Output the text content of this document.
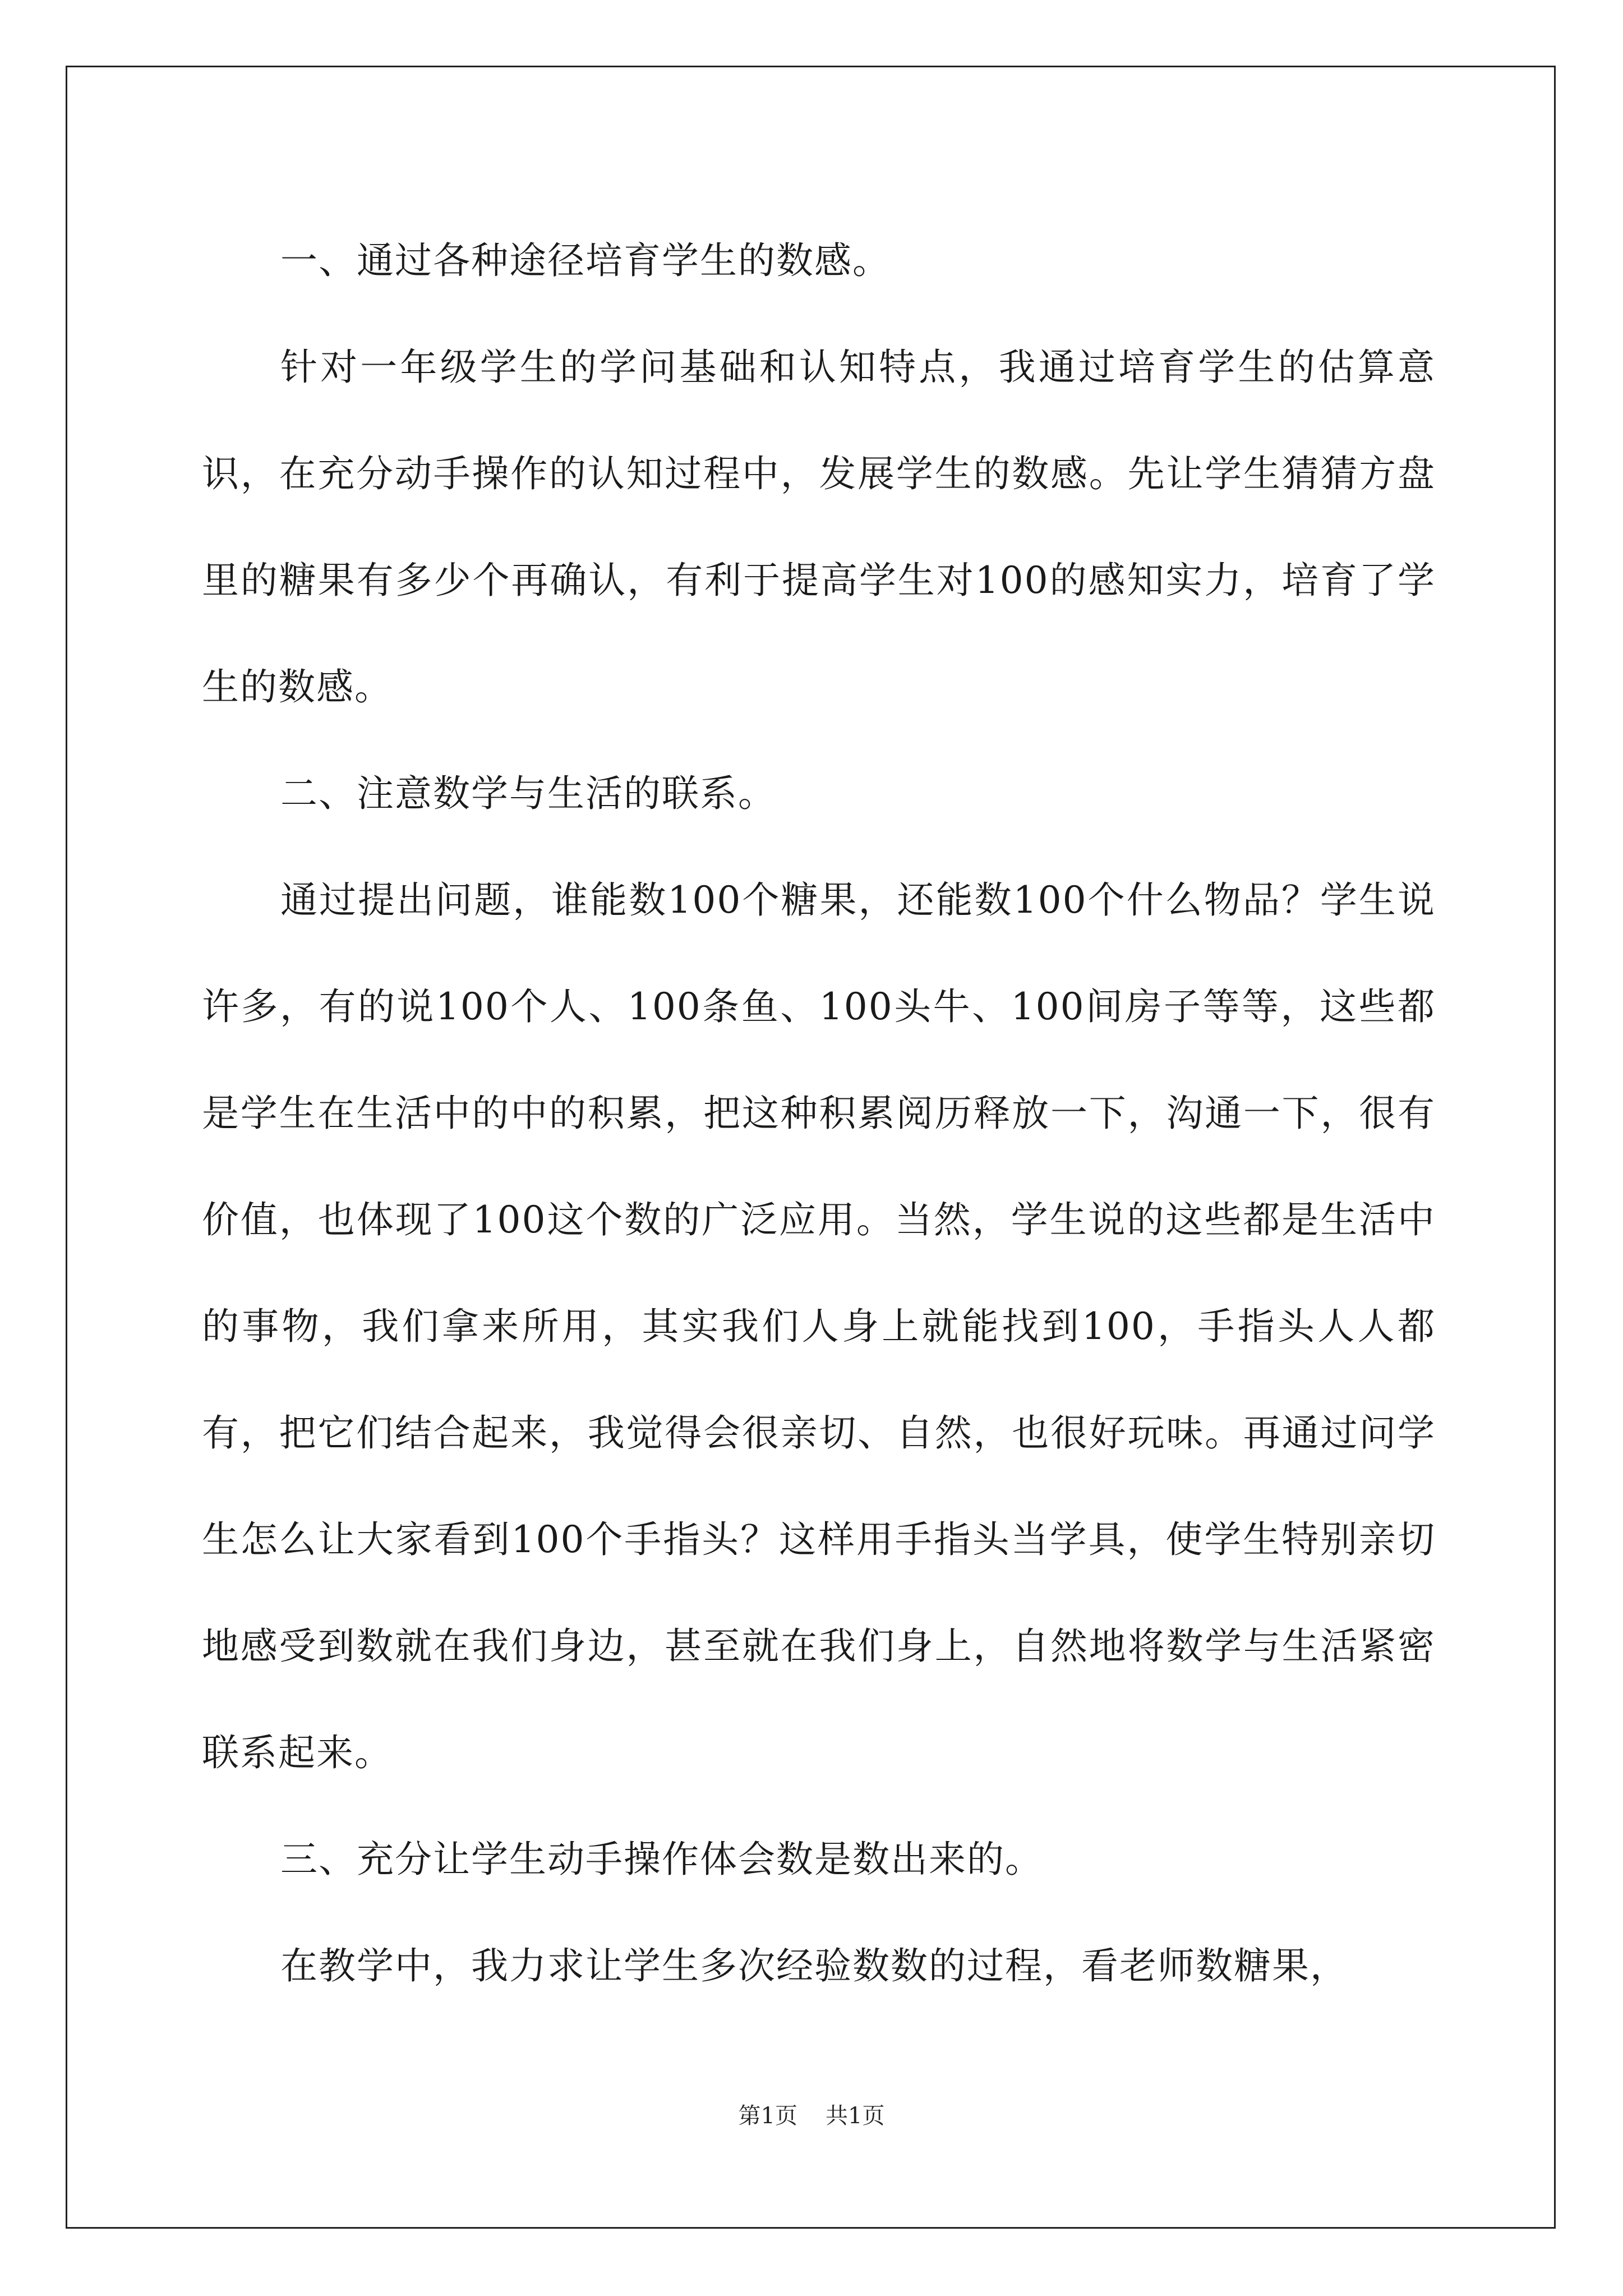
一、通过各种途径培育学生的数感。

针对一年级学生的学问基础和认知特点，我通过培育学生的估算意识，在充分动手操作的认知过程中，发展学生的数感。先让学生猜猜方盘里的糖果有多少个再确认，有利于提高学生对100的感知实力，培育了学生的数感。

二、注意数学与生活的联系。

通过提出问题，谁能数100个糖果，还能数100个什么物品？学生说许多，有的说100个人、100条鱼、100头牛、100间房子等等，这些都是学生在生活中的中的积累，把这种积累阅历释放一下，沟通一下，很有价值，也体现了100这个数的广泛应用。当然，学生说的这些都是生活中的事物，我们拿来所用，其实我们人身上就能找到100，手指头人人都有，把它们结合起来，我觉得会很亲切、自然，也很好玩味。再通过问学生怎么让大家看到100个手指头？这样用手指头当学具，使学生特别亲切地感受到数就在我们身边，甚至就在我们身上，自然地将数学与生活紧密联系起来。

三、充分让学生动手操作体会数是数出来的。

在教学中，我力求让学生多次经验数数的过程，看老师数糖果，

第1页 共1页
